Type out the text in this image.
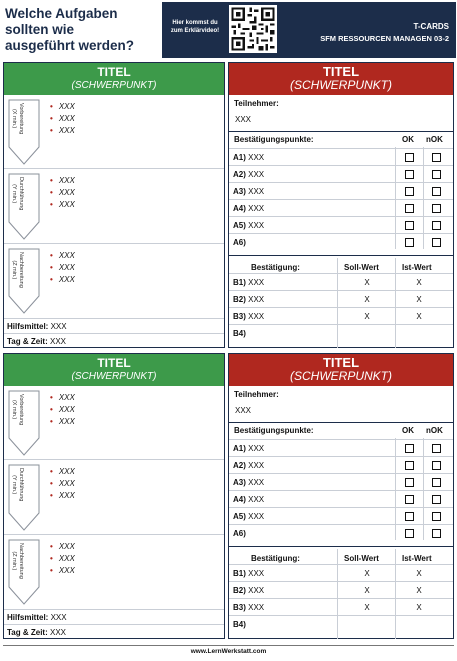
Welche Aufgaben
sollten wie
ausgeführt werden?
Hier kommst du
zum Erklärvideo!	T-CARDS
SFM RESSOURCEN MANAGEN 03-2
TITEL
(SCHWERPUNKT)
Vorbereitung
(X min.)
• XXX
• XXX
• XXX
Durchführung
(Y min.)
• XXX
• XXX
• XXX
Nachbereitung
(Z min.)
• XXX
• XXX
• XXX
Hilfsmittel: XXX
Tag & Zeit: XXX
TITEL
(SCHWERPUNKT)
Teilnehmer:
XXX
Bestätigungspunkte:	OK nOK
A1) XXX
A2) XXX
A3) XXX
A4) XXX
A5) XXX
A6)
Bestätigung:	Soll-Wert	Ist-Wert
B1) XXX	X	X
B2) XXX	X	X
B3) XXX	X	X
B4)
TITEL
(SCHWERPUNKT)
Vorbereitung
(X min.)
• XXX
• XXX
• XXX
Durchführung
(Y min.)
• XXX
• XXX
• XXX
Nachbereitung
(Z min.)
• XXX
• XXX
• XXX
Hilfsmittel: XXX
Tag & Zeit: XXX
TITEL
(SCHWERPUNKT)
Teilnehmer:
XXX
Bestätigungspunkte:	OK nOK
A1) XXX
A2) XXX
A3) XXX
A4) XXX
A5) XXX
A6)
Bestätigung:	Soll-Wert	Ist-Wert
B1) XXX	X	X
B2) XXX	X	X
B3) XXX	X	X
B4)
www.LernWerkstatt.com
